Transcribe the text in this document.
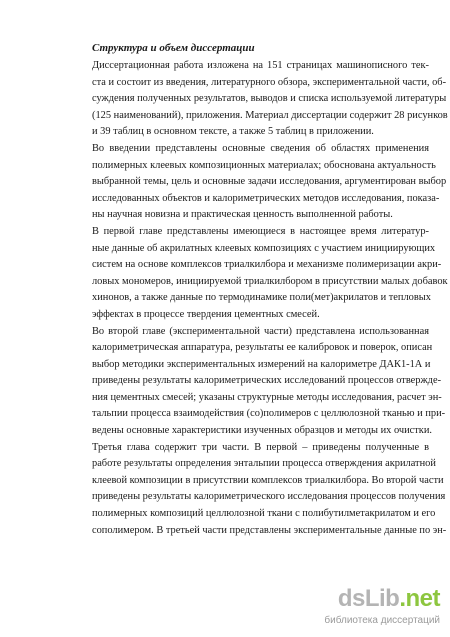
Структура и объем диссертации
Диссертационная работа изложена на 151 страницах машинописного тек-
ста и состоит из введения, литературного обзора, экспериментальной части, об-
суждения полученных результатов, выводов и списка используемой литературы
(125 наименований), приложения. Материал диссертации содержит 28 рисунков
и 39 таблиц в основном тексте, а также 5 таблиц в приложении.
Во введении представлены основные сведения об областях применения
полимерных клеевых композиционных материалах; обоснована актуальность
выбранной темы, цель и основные задачи исследования, аргументирован выбор
исследованных объектов и калориметрических методов исследования, показа-
ны научная новизна и практическая ценность выполненной работы.
В первой главе представлены имеющиеся в настоящее время литератур-
ные данные об акрилатных клеевых композициях с участием инициирующих
систем на основе комплексов триалкилбора и механизме полимеризации акри-
ловых мономеров, инициируемой триалкилбором в присутствии малых добавок
хинонов, а также данные по термодинамике поли(мет)акрилатов и тепловых
эффектах в процессе твердения цементных смесей.
Во второй главе (экспериментальной части) представлена использованная
калориметрическая аппаратура, результаты ее калибровок и поверок, описан
выбор методики экспериментальных измерений на калориметре ДАК1-1А и
приведены результаты калориметрических исследований процессов отвержде-
ния цементных смесей; указаны структурные методы исследования, расчет эн-
тальпии процесса взаимодействия (со)полимеров с целлюлозной тканью и при-
ведены основные характеристики изученных образцов и методы их очистки.
Третья глава содержит три части. В первой – приведены полученные в
работе результаты определения энтальпии процесса отверждения акрилатной
клеевой композиции в присутствии комплексов триалкилбора. Во второй части
приведены результаты калориметрического исследования процессов получения
полимерных композиций целлюлозной ткани с полибутилметакрилатом и его
сополимером. В третьей части представлены экспериментальные данные по эн-
dsLib.net
библиотека диссертаций
